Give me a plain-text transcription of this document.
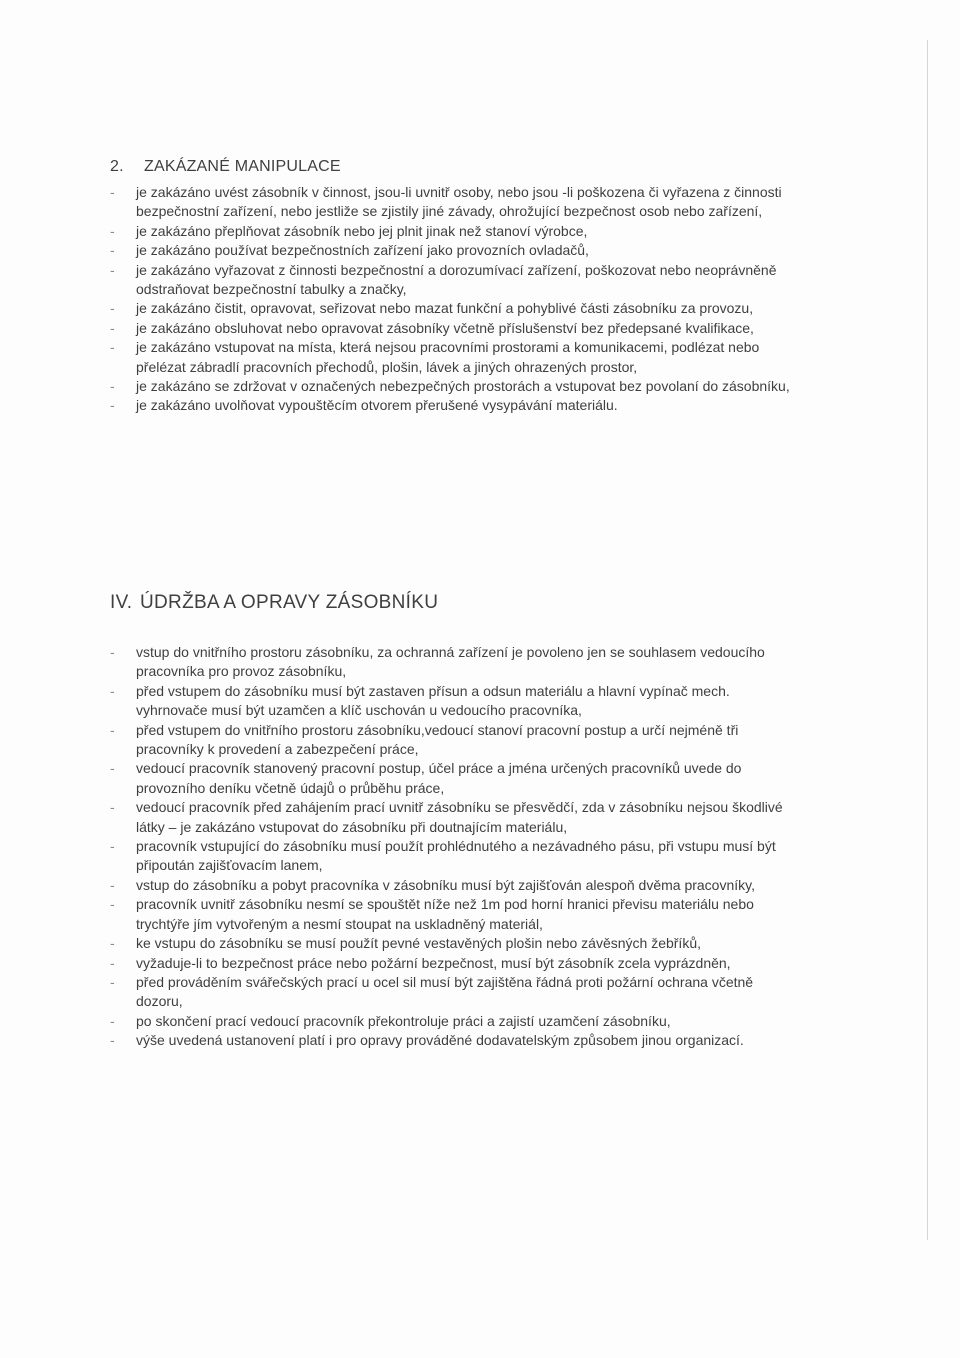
2. ZAKÁZANÉ MANIPULACE
- je zakázáno uvést zásobník v činnost, jsou-li uvnitř osoby, nebo jsou -li poškozena či vyřazena z činnosti bezpečnostní zařízení, nebo jestliže se zjistily jiné závady, ohrožující bezpečnost osob nebo zařízení,
- je zakázáno přeplňovat zásobník nebo jej plnit jinak než stanoví výrobce,
- je zakázáno používat bezpečnostních zařízení jako provozních ovladačů,
- je zakázáno vyřazovat z činnosti bezpečnostní a dorozumívací zařízení, poškozovat nebo neoprávněně odstraňovat bezpečnostní tabulky a značky,
- je zakázáno čistit, opravovat, seřizovat nebo mazat funkční a pohyblivé části zásobníku za provozu,
- je zakázáno obsluhovat nebo opravovat zásobníky včetně příslušenství bez předepsané kvalifikace,
- je zakázáno vstupovat na místa, která nejsou pracovními prostorami a komunikacemi, podlézat nebo přelézat zábradlí pracovních přechodů, plošin, lávek a jiných ohrazených prostor,
- je zakázáno se zdržovat v označených nebezpečných prostorách a vstupovat bez povolaní do zásobníku,
- je zakázáno uvolňovat vypouštěcím otvorem přerušené vysypávání materiálu.
IV. ÚDRŽBA A OPRAVY ZÁSOBNÍKU
- vstup do vnitřního prostoru zásobníku, za ochranná zařízení je povoleno jen se souhlasem vedoucího pracovníka pro provoz zásobníku,
- před vstupem do zásobníku musí být zastaven přísun a odsun materiálu a hlavní vypínač mech. vyhrnovače musí být uzamčen a klíč uschován u vedoucího pracovníka,
- před vstupem do vnitřního prostoru zásobníku,vedoucí stanoví pracovní postup a určí nejméně tři pracovníky k provedení a zabezpečení práce,
- vedoucí pracovník stanovený pracovní postup, účel práce a jména určených pracovníků uvede do provozního deníku včetně údajů o průběhu práce,
- vedoucí pracovník před zahájením prací uvnitř zásobníku se přesvědčí, zda v zásobníku nejsou škodlivé látky – je zakázáno vstupovat do zásobníku při doutnajícím materiálu,
- pracovník vstupující do zásobníku musí použít prohlédnutého a nezávadného pásu, při vstupu musí být připoután zajišťovacím lanem,
- vstup do zásobníku a pobyt pracovníka v zásobníku musí být zajišťován alespoň dvěma pracovníky,
- pracovník uvnitř zásobníku nesmí se spouštět níže než 1m pod horní hranici převisu materiálu nebo trychtýře jím vytvořeným a nesmí stoupat na uskladněný materiál,
- ke vstupu do zásobníku se musí použít pevné vestavěných plošin nebo závěsných žebříků,
- vyžaduje-li to bezpečnost práce nebo požární bezpečnost, musí být zásobník zcela vyprázdněn,
- před prováděním svářečských prací u ocel sil musí být zajištěna řádná proti požární ochrana včetně dozoru,
- po skončení prací vedoucí pracovník překontroluje práci a zajistí uzamčení zásobníku,
- výše uvedená ustanovení platí i pro opravy prováděné dodavatelským způsobem jinou organizací.
